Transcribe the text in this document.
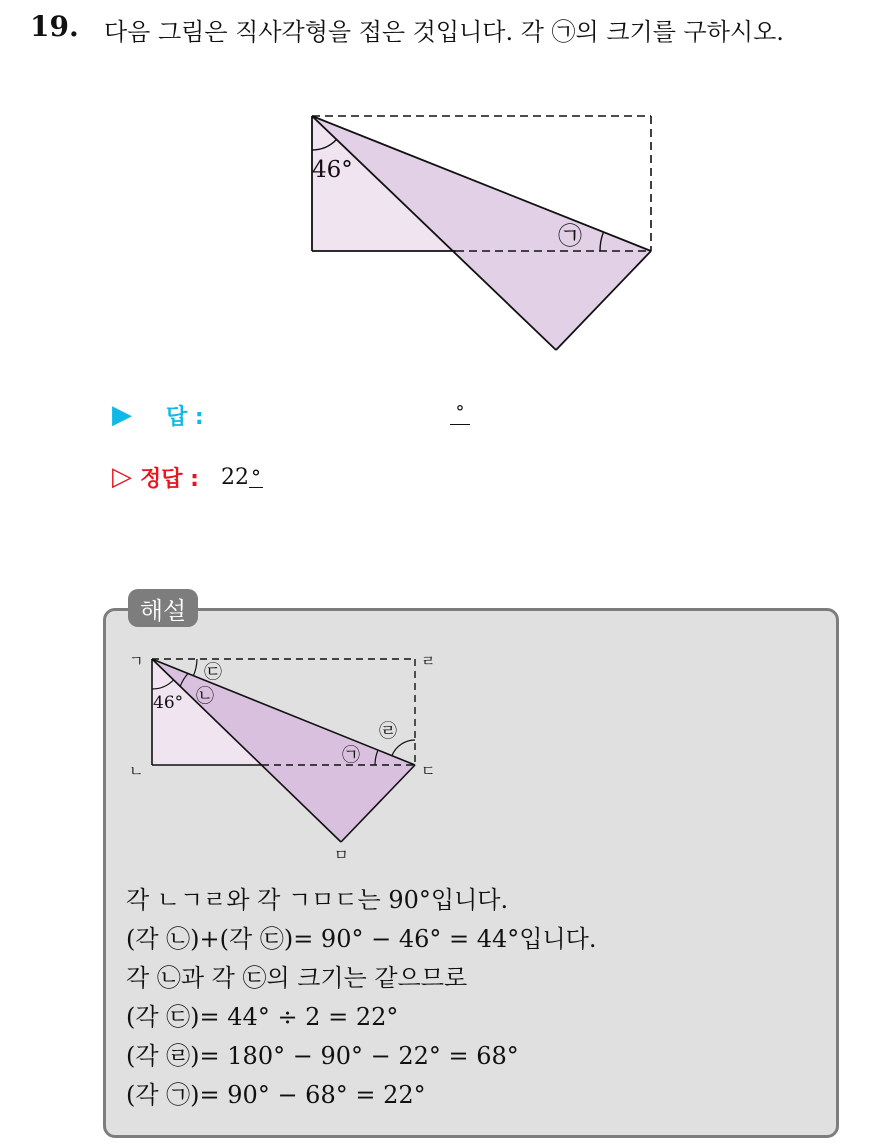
19. 다음 그림은 직사각형을 접은 것입니다. 각 ㉠의 크기를 구하시오.
46°
㉠
▶ 답 :	°
▷ 정답 : 22 °
해설
ㄱ
ㄴ	ㄷ
ㄹ
ㅁ
46°
㉠
㉡
㉢
㉣
각 ㄴㄱㄹ와 각 ㄱㅁㄷ는 90°입니다.
(각 ㉡)+(각 ㉢)= 90° − 46° = 44°입니다.
각 ㉡과 각 ㉢의 크기는 같으므로
(각 ㉢)= 44° ÷ 2 = 22°
(각 ㉣)= 180° − 90° − 22° = 68°
(각 ㉠)= 90° − 68° = 22°
